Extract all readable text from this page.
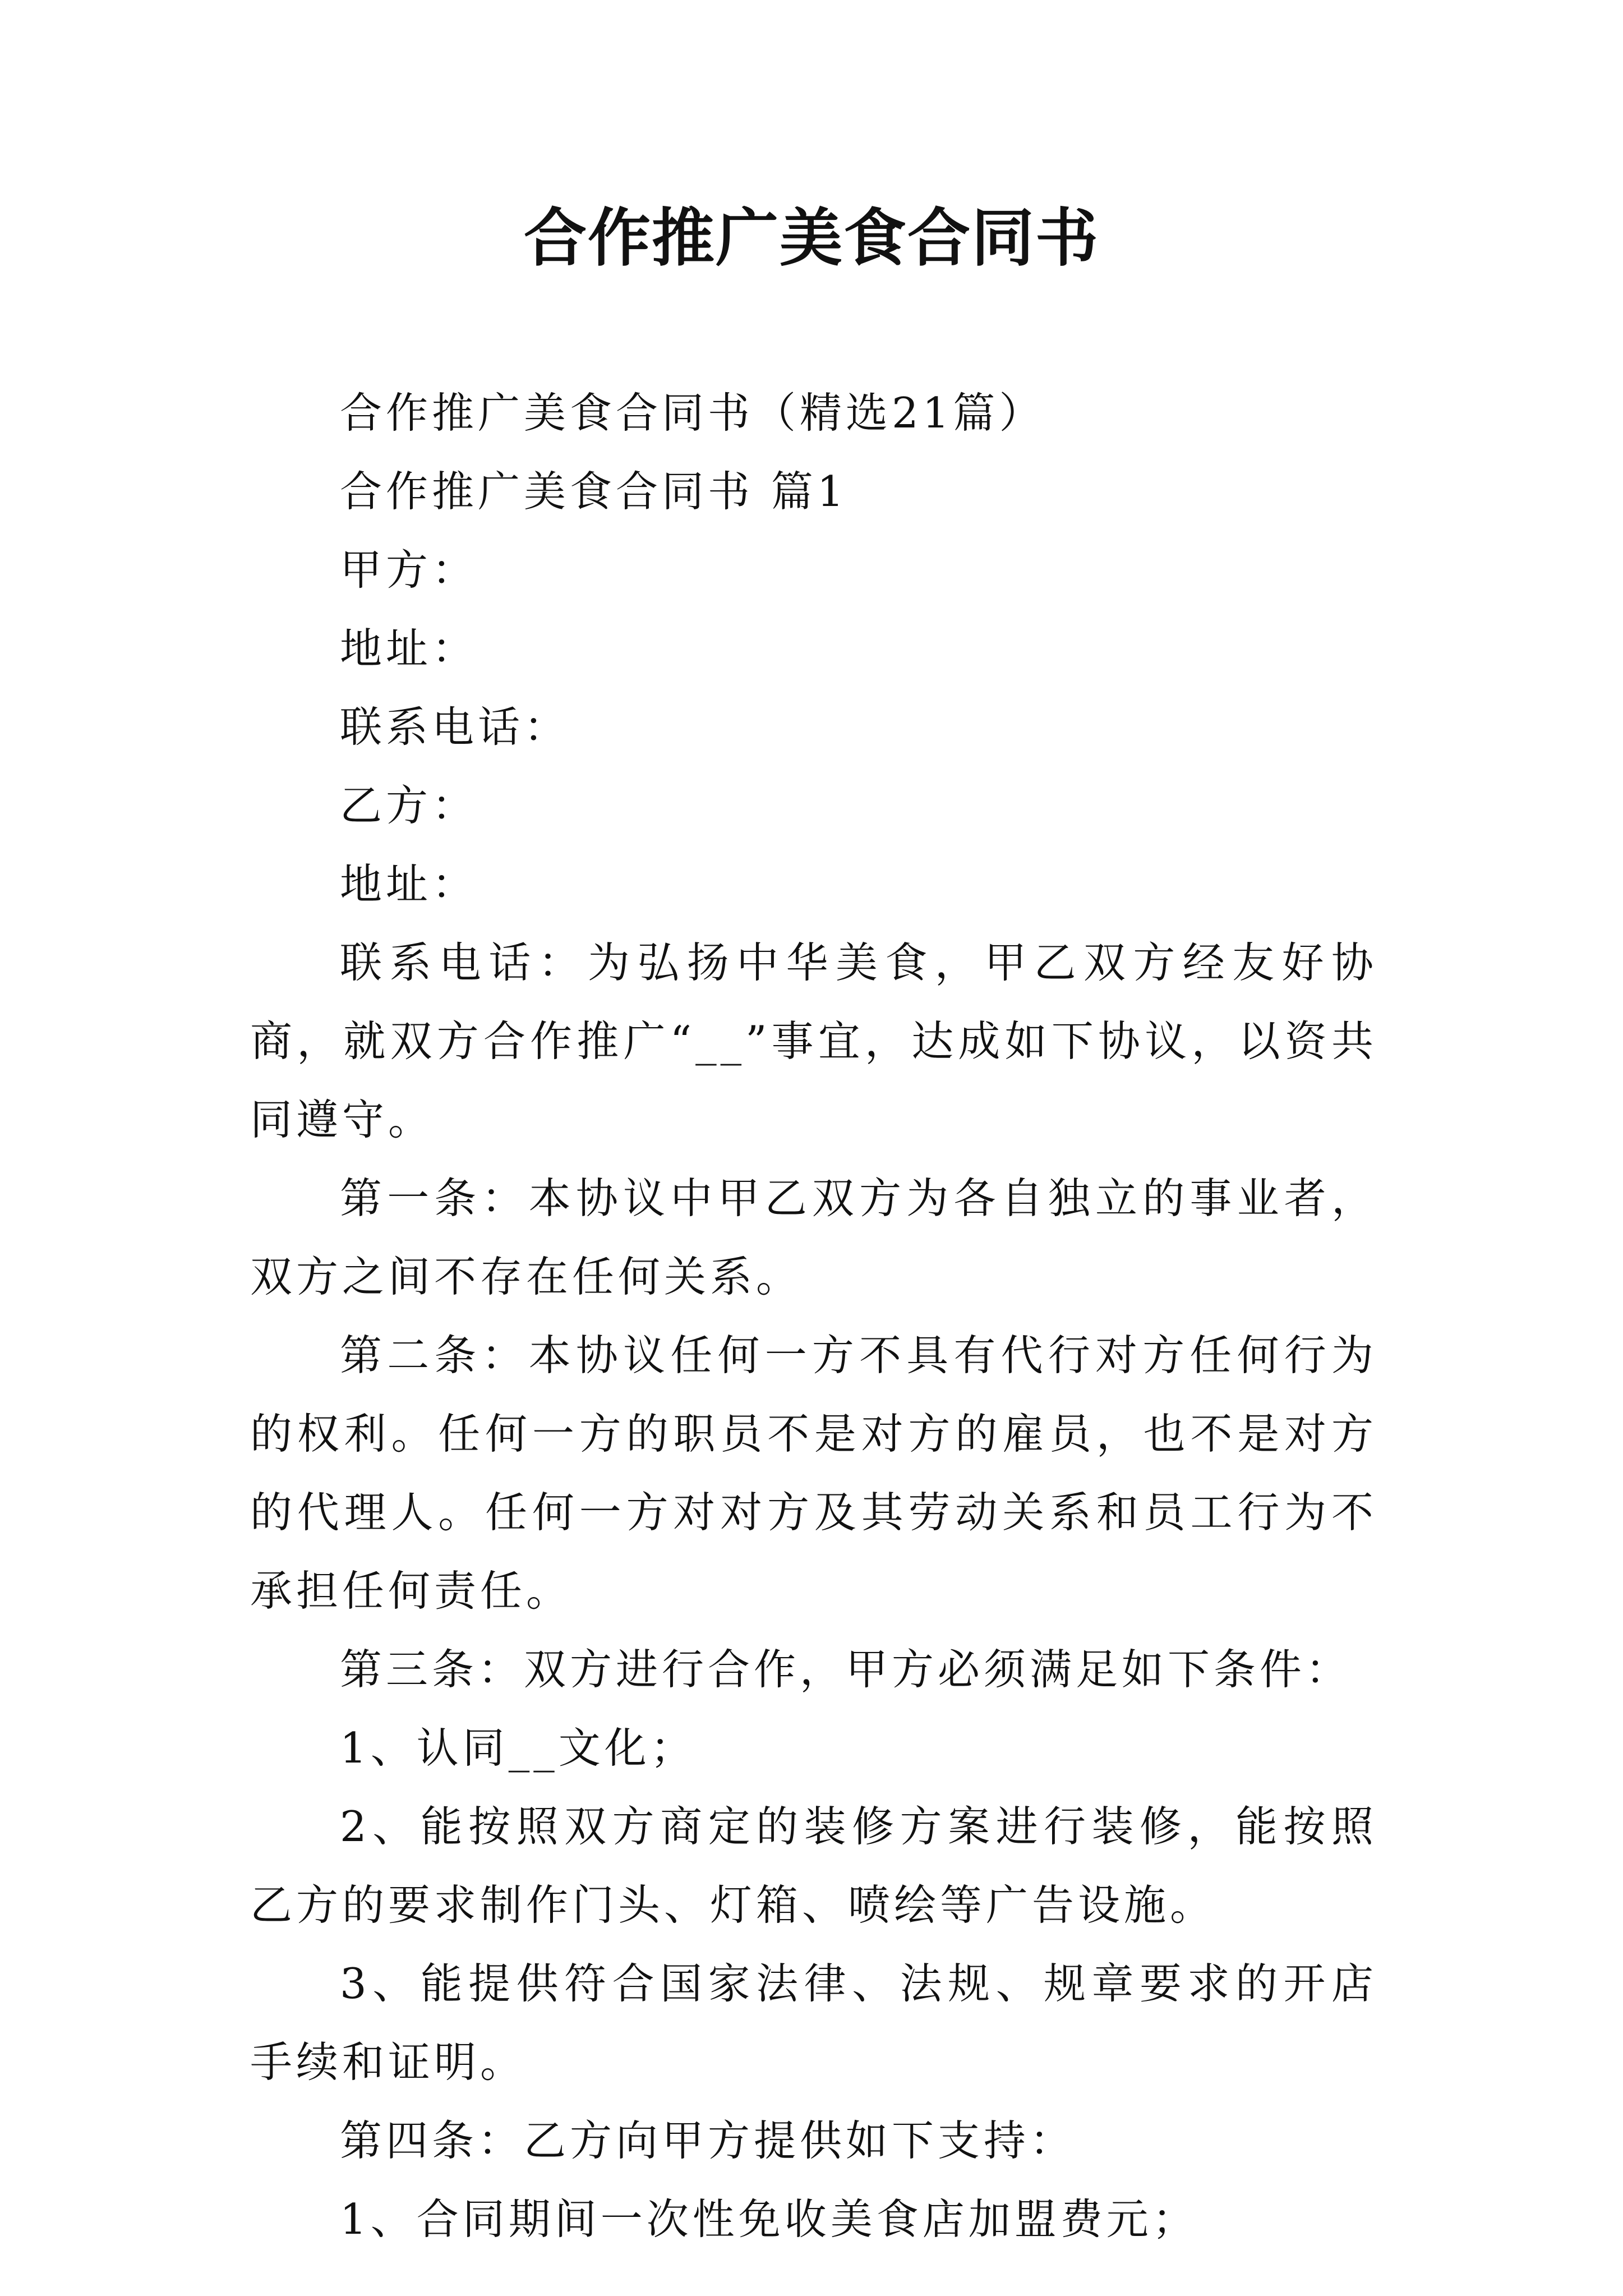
合作推广美食合同书

合作推广美食合同书（精选21篇）

合作推广美食合同书 篇1

甲方：

地址：

联系电话：

乙方：

地址：

联系电话：为弘扬中华美食，甲乙双方经友好协商，就双方合作推广“__”事宜，达成如下协议，以资共同遵守。

第一条：本协议中甲乙双方为各自独立的事业者，双方之间不存在任何关系。

第二条：本协议任何一方不具有代行对方任何行为的权利。任何一方的职员不是对方的雇员，也不是对方的代理人。任何一方对对方及其劳动关系和员工行为不承担任何责任。

第三条：双方进行合作，甲方必须满足如下条件：

1、认同__文化；

2、能按照双方商定的装修方案进行装修，能按照乙方的要求制作门头、灯箱、喷绘等广告设施。

3、能提供符合国家法律、法规、规章要求的开店手续和证明。

第四条：乙方向甲方提供如下支持：

1、合同期间一次性免收美食店加盟费元；
